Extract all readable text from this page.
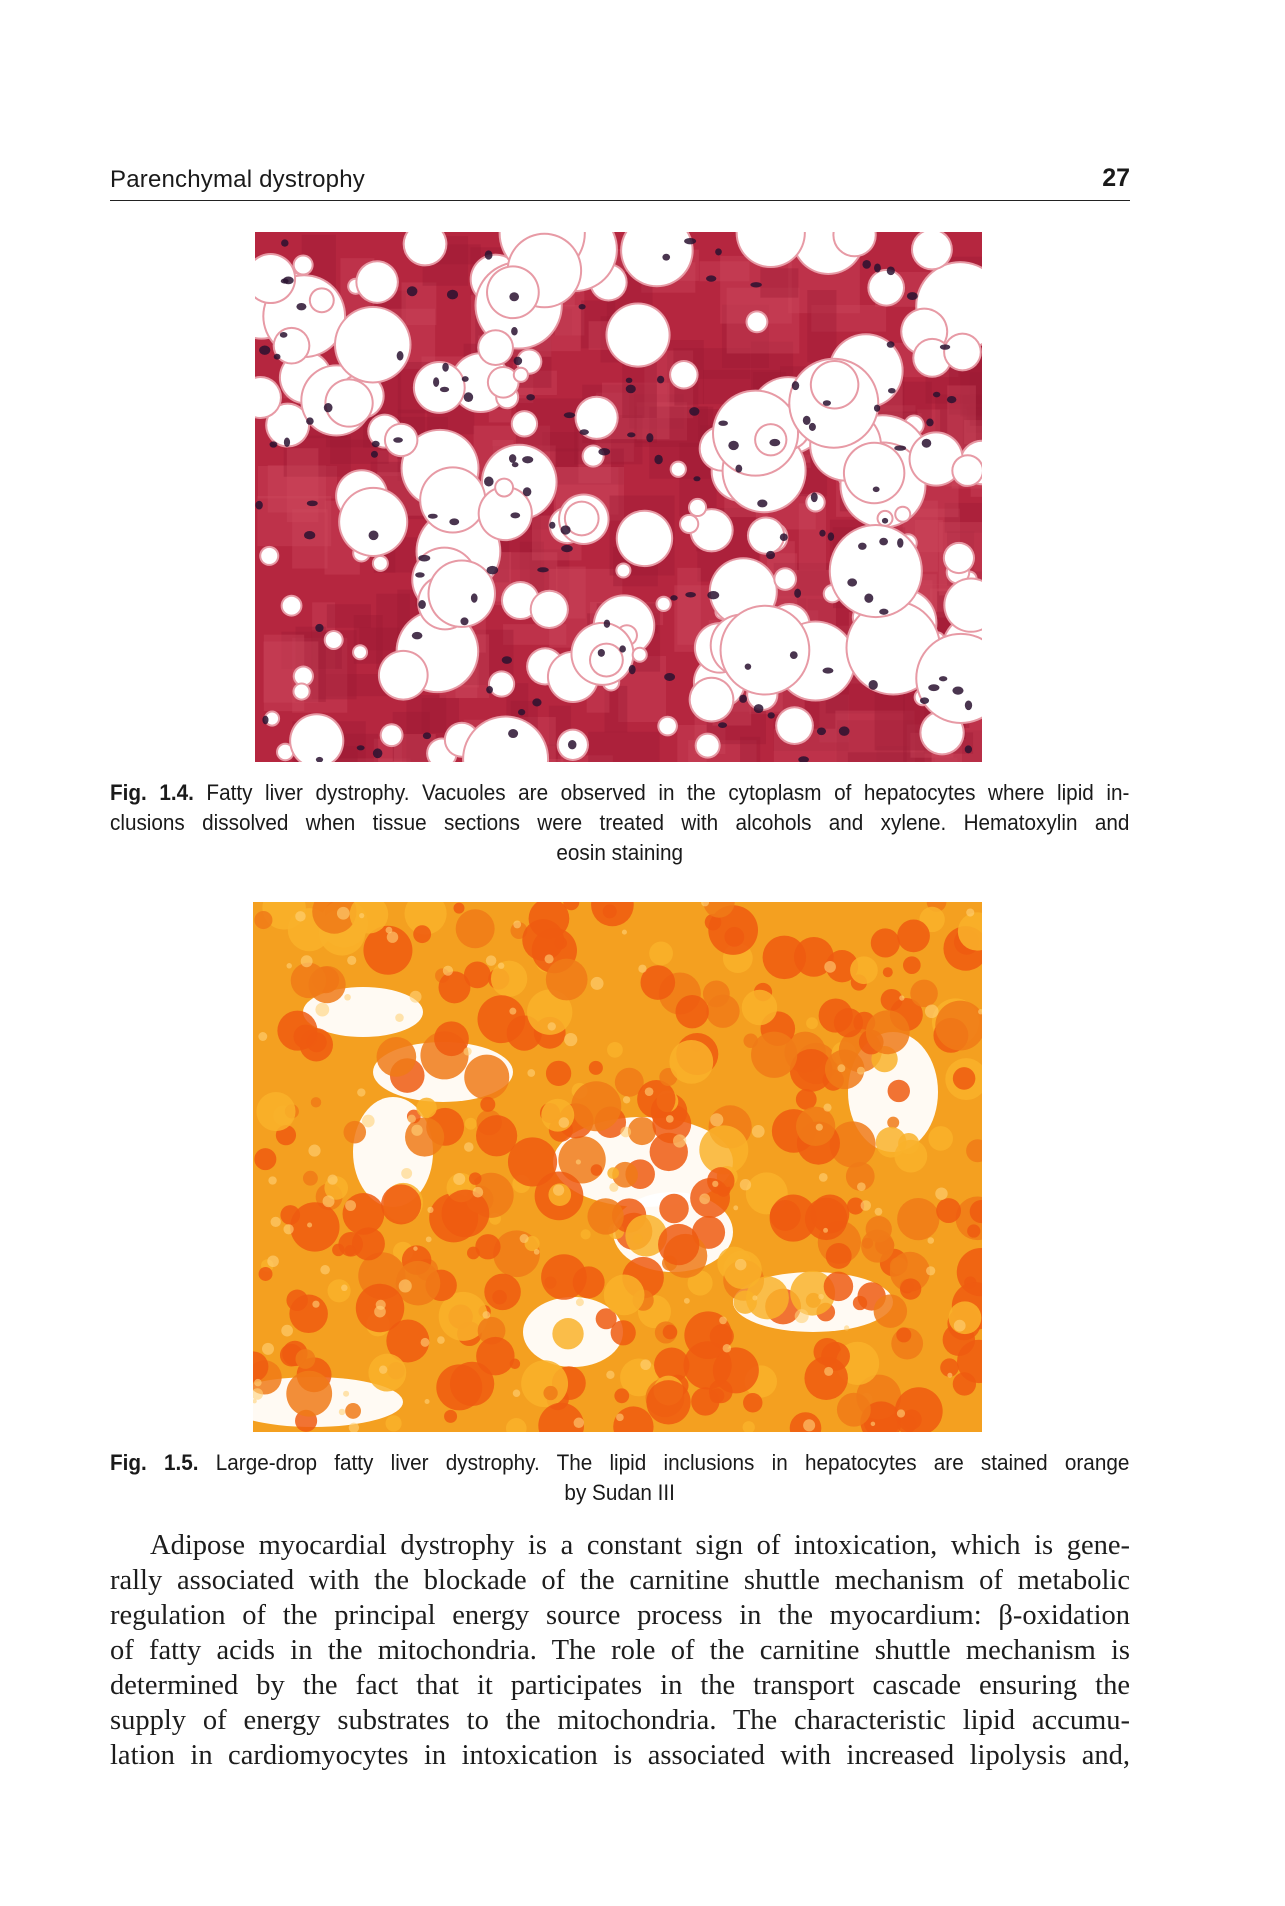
Parenchymal dystrophy	27
Fig. 1.4. Fatty liver dystrophy. Vacuoles are observed in the cytoplasm of hepatocytes where lipid in-
clusions dissolved when tissue sections were treated with alcohols and xylene. Hematoxylin and
eosin staining
Fig. 1.5. Large-drop fatty liver dystrophy. The lipid inclusions in hepatocytes are stained orange
by Sudan III
Adipose myocardial dystrophy is a constant sign of intoxication, which is gene-
rally associated with the blockade of the carnitine shuttle mechanism of metabolic
regulation of the principal energy source process in the myocardium: β-oxidation
of fatty acids in the mitochondria. The role of the carnitine shuttle mechanism is
determined by the fact that it participates in the transport cascade ensuring the
supply of energy substrates to the mitochondria. The characteristic lipid accumu-
lation in cardiomyocytes in intoxication is associated with increased lipolysis and,
